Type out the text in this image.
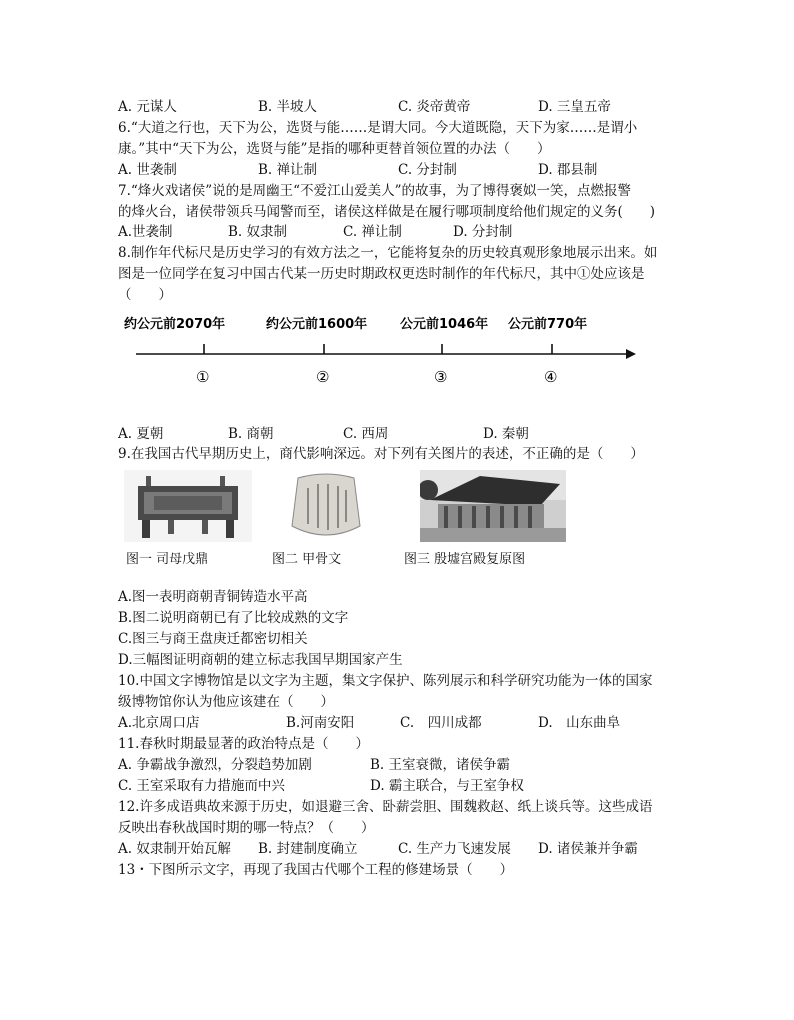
A. 元谋人	B. 半坡人	C. 炎帝黄帝	D. 三皇五帝
6.“大道之行也，天下为公，选贤与能……是谓大同。今大道既隐，天下为家……是谓小
康。”其中“天下为公，选贤与能”是指的哪种更替首领位置的办法（　　）
A. 世袭制	B. 禅让制	C. 分封制	D. 郡县制
7.“烽火戏诸侯”说的是周幽王“不爱江山爱美人”的故事，为了博得褒姒一笑，点燃报警
的烽火台，诸侯带领兵马闻警而至，诸侯这样做是在履行哪项制度给他们规定的义务(　　)
A.世袭制	B. 奴隶制	C. 禅让制	D. 分封制
8.制作年代标尺是历史学习的有效方法之一，它能将复杂的历史较真观形象地展示出来。如
图是一位同学在复习中国古代某一历史时期政权更迭时制作的年代标尺，其中①处应该是
（　　）
约公元前2070年	约公元前1600年	公元前1046年 公元前770年
①	②	③	④
A. 夏朝	B. 商朝	C. 西周	D. 秦朝
9.在我国古代早期历史上，商代影响深远。对下列有关图片的表述，不正确的是（　　）
图一 司母戊鼎	图二 甲骨文	图三 殷墟宫殿复原图
A.图一表明商朝青铜铸造水平高
B.图二说明商朝已有了比较成熟的文字
C.图三与商王盘庚迁都密切相关
D.三幅图证明商朝的建立标志我国早期国家产生
10.中国文字博物馆是以文字为主题，集文字保护、陈列展示和科学研究功能为一体的国家
级博物馆你认为他应该建在（　　）
A.北京周口店	B.河南安阳	C.　四川成都	D.　山东曲阜
11.春秋时期最显著的政治特点是（　　）
A. 争霸战争激烈，分裂趋势加剧	B. 王室衰微，诸侯争霸
C. 王室采取有力措施而中兴	D. 霸主联合，与王室争权
12.许多成语典故来源于历史，如退避三舍、卧薪尝胆、围魏救赵、纸上谈兵等。这些成语
反映出春秋战国时期的哪一特点？（　　）
A. 奴隶制开始瓦解 B. 封建制度确立	C. 生产力飞速发展 D. 诸侯兼并争霸
13・下图所示文字，再现了我国古代哪个工程的修建场景（　　）
